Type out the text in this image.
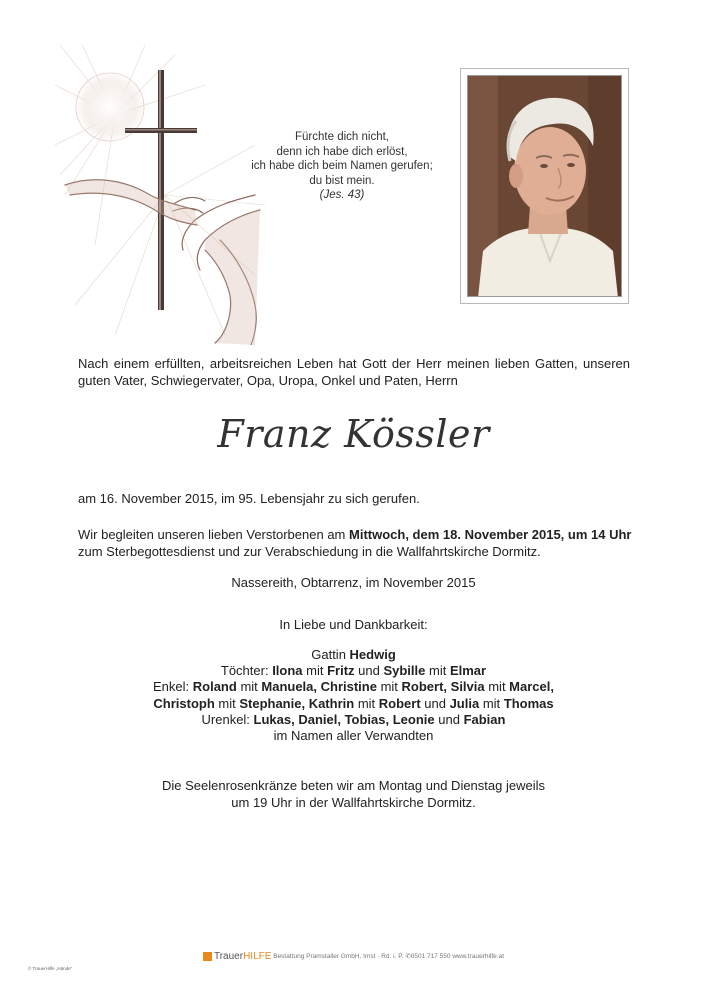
Fürchte dich nicht,
denn ich habe dich erlöst,
ich habe dich beim Namen gerufen;
du bist mein.
(Jes. 43)
Nach einem erfüllten, arbeitsreichen Leben hat Gott der Herr meinen lieben Gatten, unseren guten Vater, Schwiegervater, Opa, Uropa, Onkel und Paten, Herrn
Franz Kössler
am 16. November 2015, im 95. Lebensjahr zu sich gerufen.
Wir begleiten unseren lieben Verstorbenen am Mittwoch, dem 18. November 2015, um 14 Uhr
zum Sterbegottesdienst und zur Verabschiedung in die Wallfahrtskirche Dormitz.
Nassereith, Obtarrenz, im November 2015
In Liebe und Dankbarkeit:
Gattin Hedwig
Töchter: Ilona mit Fritz und Sybille mit Elmar
Enkel: Roland mit Manuela, Christine mit Robert, Silvia mit Marcel,
Christoph mit Stephanie, Kathrin mit Robert und Julia mit Thomas
Urenkel: Lukas, Daniel, Tobias, Leonie und Fabian
im Namen aller Verwandten
Die Seelenrosenkränze beten wir am Montag und Dienstag jeweils
um 19 Uhr in der Wallfahrtskirche Dormitz.
TrauerHILFE Bestattung Pramstaller GmbH, Imst · Rd. i. P. ✆0501 717 550 www.trauerhilfe.at
© TrauerHilfe „Hände“
